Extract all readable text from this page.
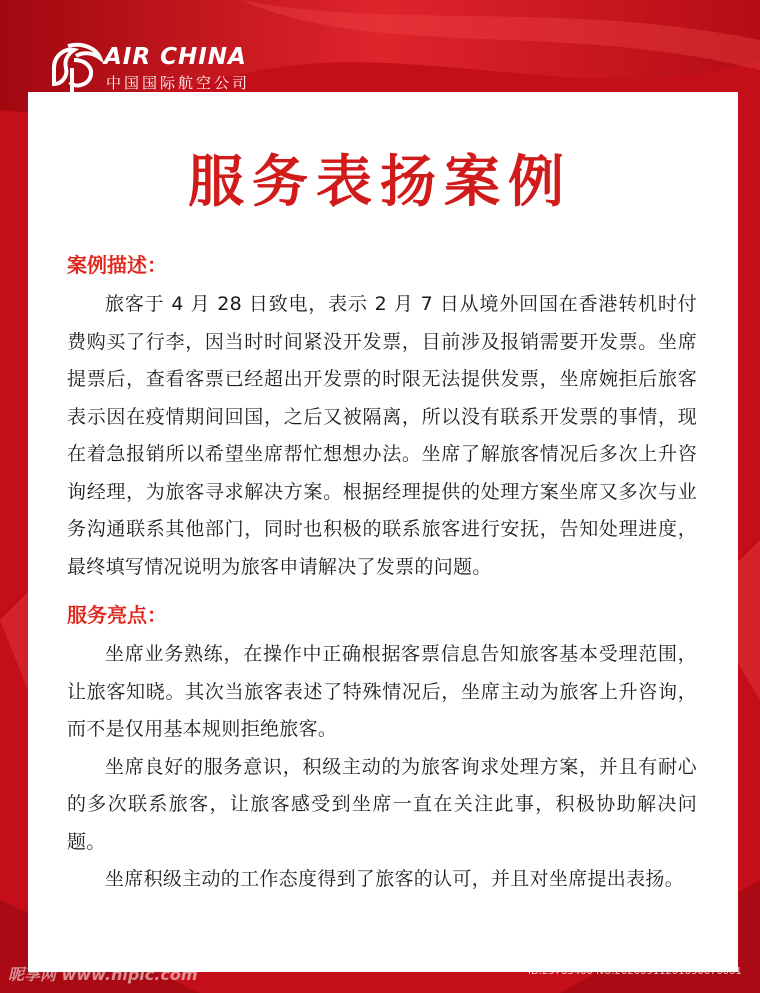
AIR CHINA
中国国际航空公司
服务表扬案例
案例描述：

旅客于 4 月 28 日致电，表示 2 月 7 日从境外回国在香港转机时付费购买了行李，因当时时间紧没开发票，目前涉及报销需要开发票。坐席提票后，查看客票已经超出开发票的时限无法提供发票，坐席婉拒后旅客表示因在疫情期间回国，之后又被隔离，所以没有联系开发票的事情，现在着急报销所以希望坐席帮忙想想办法。坐席了解旅客情况后多次上升咨询经理，为旅客寻求解决方案。根据经理提供的处理方案坐席又多次与业务沟通联系其他部门，同时也积极的联系旅客进行安抚，告知处理进度，最终填写情况说明为旅客申请解决了发票的问题。

服务亮点：

坐席业务熟练，在操作中正确根据客票信息告知旅客基本受理范围，让旅客知晓。其次当旅客表述了特殊情况后，坐席主动为旅客上升咨询，而不是仅用基本规则拒绝旅客。

坐席良好的服务意识，积级主动的为旅客询求处理方案，并且有耐心的多次联系旅客，让旅客感受到坐席一直在关注此事，积极协助解决问题。

坐席积级主动的工作态度得到了旅客的认可，并且对坐席提出表扬。

昵享网 www.nipic.com	ID:29783400 NO:20200911201030670001
